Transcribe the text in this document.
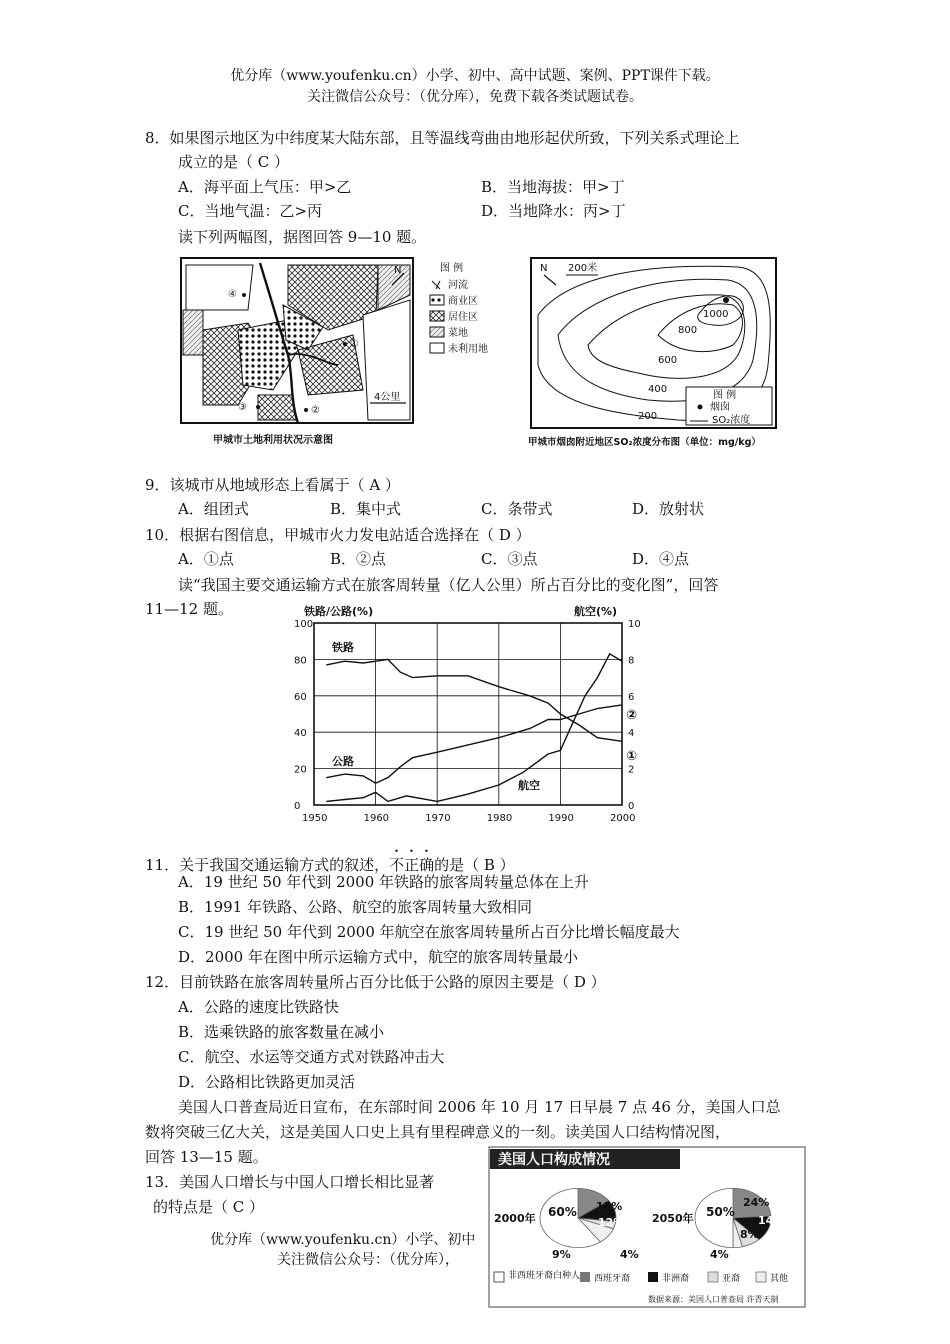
优分库（www.youfenku.cn）小学、初中、高中试题、案例、PPT课件下载。
关注微信公众号：（优分库），免费下载各类试题试卷。
8．如果图示地区为中纬度某大陆东部，且等温线弯曲由地形起伏所致，下列关系式理论上
成立的是（ C ）
A．海平面上气压：甲>乙	B．当地海拔：甲>丁
C．当地气温：乙>丙	D．当地降水：丙>丁
读下列两幅图，据图回答 9—10 题。
④
①
③	②
N
4公里
图 例
河流
商业区
居住区
菜地
未利用地
甲城市土地利用状况示意图
1000
800
600
400
200
N 200米
图 例
烟囱
SO₂浓度
甲城市烟囱附近地区SO₂浓度分布图（单位：mg/kg）
9．该城市从地域形态上看属于（ A ）
A．组团式	B．集中式	C．条带式	D．放射状
10．根据右图信息，甲城市火力发电站适合选择在（ D ）
A．①点	B．②点	C．③点	D．④点
读“我国主要交通运输方式在旅客周转量（亿人公里）所占百分比的变化图”，回答
11—12 题。	铁路/公路(%)	航空(%)
1950	1960	1970	1980	1990	2000
0
20
40
60
80
100
0
2
4
6
8
10
铁路
公路
航空
①
②
11．关于我国交通运输方式的叙述，不正确的是（ B ）
A．19 世纪 50 年代到 2000 年铁路的旅客周转量总体在上升
B．1991 年铁路、公路、航空的旅客周转量大致相同
C．19 世纪 50 年代到 2000 年航空在旅客周转量所占百分比增长幅度最大
D．2000 年在图中所示运输方式中，航空的旅客周转量最小
12．目前铁路在旅客周转量所占百分比低于公路的原因主要是（ D ）
A．公路的速度比铁路快
B．选乘铁路的旅客数量在减小
C．航空、水运等交通方式对铁路冲击大
D．公路相比铁路更加灵活
美国人口普查局近日宣布，在东部时间 2006 年 10 月 17 日早晨 7 点 46 分，美国人口总
数将突破三亿大关，这是美国人口史上具有里程碑意义的一刻。读美国人口结构情况图，
回答 13—15 题。
13．美国人口增长与中国人口增长相比显著
的特点是（ C ）
优分库（www.youfenku.cn）小学、初中
关注微信公众号：（优分库），
美国人口构成情况
2000年	2050年
60% 15%
12%
9%	4%
50%
24%
14%
8%
4%
非西班牙裔白种人 西班牙裔	非洲裔	亚裔	其他
数据来源：美国人口普查局 许青天制
